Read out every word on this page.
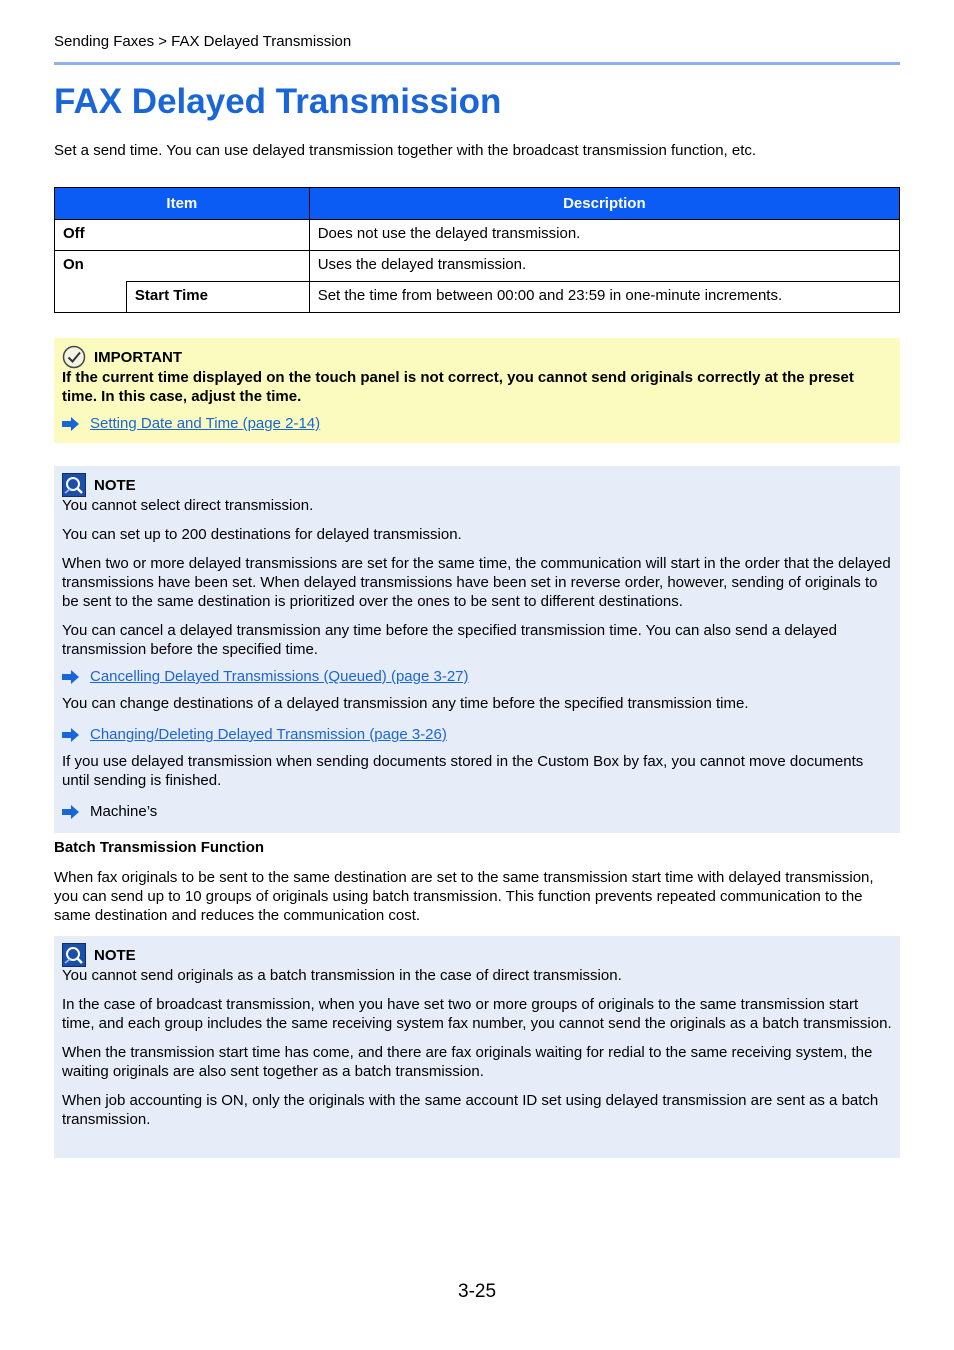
Sending Faxes > FAX Delayed Transmission
FAX Delayed Transmission
Set a send time. You can use delayed transmission together with the broadcast transmission function, etc.
Item		Description
Off		Does not use the delayed transmission.
On		Uses the delayed transmission.
	Start Time	Set the time from between 00:00 and 23:59 in one-minute increments.
IMPORTANT
If the current time displayed on the touch panel is not correct, you cannot send originals correctly at the preset time. In this case, adjust the time.
Setting Date and Time (page 2-14)
NOTE
You cannot select direct transmission.
You can set up to 200 destinations for delayed transmission.
When two or more delayed transmissions are set for the same time, the communication will start in the order that the delayed transmissions have been set. When delayed transmissions have been set in reverse order, however, sending of originals to be sent to the same destination is prioritized over the ones to be sent to different destinations.
You can cancel a delayed transmission any time before the specified transmission time. You can also send a delayed transmission before the specified time.
Cancelling Delayed Transmissions (Queued) (page 3-27)
You can change destinations of a delayed transmission any time before the specified transmission time.
Changing/Deleting Delayed Transmission (page 3-26)
If you use delayed transmission when sending documents stored in the Custom Box by fax, you cannot move documents until sending is finished.
Machine’s
Batch Transmission Function
When fax originals to be sent to the same destination are set to the same transmission start time with delayed transmission, you can send up to 10 groups of originals using batch transmission. This function prevents repeated communication to the same destination and reduces the communication cost.
NOTE
You cannot send originals as a batch transmission in the case of direct transmission.
In the case of broadcast transmission, when you have set two or more groups of originals to the same transmission start time, and each group includes the same receiving system fax number, you cannot send the originals as a batch transmission.
When the transmission start time has come, and there are fax originals waiting for redial to the same receiving system, the waiting originals are also sent together as a batch transmission.
When job accounting is ON, only the originals with the same account ID set using delayed transmission are sent as a batch transmission.
3-25
